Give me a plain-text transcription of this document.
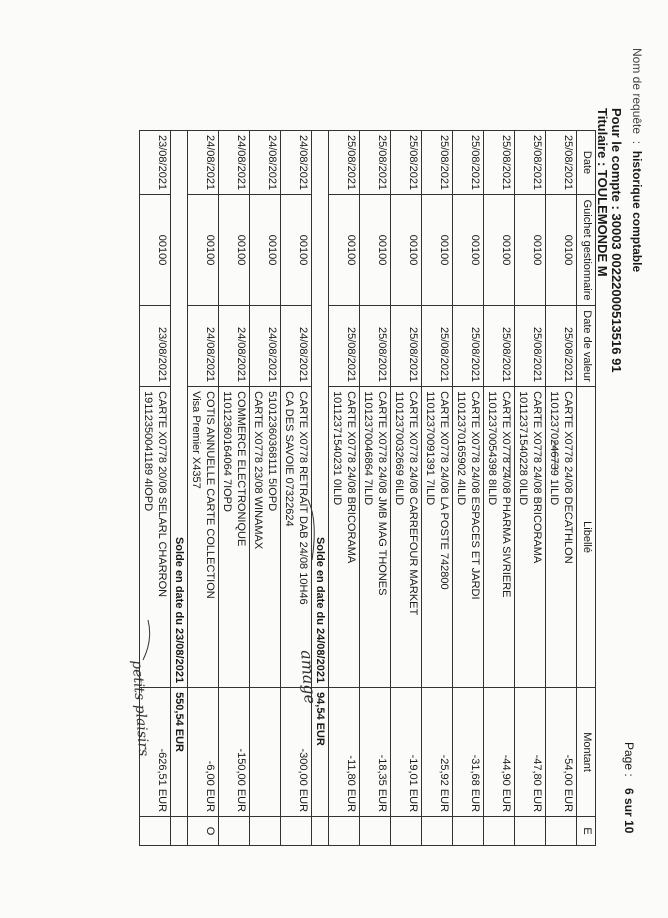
Nom de requête  :  historique comptable
Pour le compte : 30003 00222000513516 91
Titulaire : TOULEMONDE M
Page : 6 sur 10
Date	Guichet gestionnaire	Date de valeur	Libellé	Montant	E
25/08/2021	00100	25/08/2021	CARTE X0778 24/08 DECATHLON
11012370246739 1ILID	-54,00 EUR	
25/08/2021	00100	25/08/2021	CARTE X0778 24/08 BRICORAMA
10112371540228 0ILID	-47,80 EUR	
25/08/2021	00100	25/08/2021	CARTE X0778 24/08 PHARMA SIVRIERE
11012370054398 8ILID	-44,90 EUR	
25/08/2021	00100	25/08/2021	CARTE X0778 24/08 ESPACES ET JARDI
11012370165902 4ILID	-31,68 EUR	
25/08/2021	00100	25/08/2021	CARTE X0778 24/08 LA POSTE 742800
11012370091391 7ILID	-25,92 EUR	
25/08/2021	00100	25/08/2021	CARTE X0778 24/08 CARREFOUR MARKET
11012370032669 6ILID	-19,01 EUR	
25/08/2021	00100	25/08/2021	CARTE X0778 24/08 JMB MAG THONES
11012370046864 7ILID	-18,35 EUR	
25/08/2021	00100	25/08/2021	CARTE X0778 24/08 BRICORAMA
10112371540231 0ILID	-11,80 EUR	
Solde en date du 24/08/2021				94,54 EUR	
24/08/2021	00100	24/08/2021	CARTE X0778 RETRAIT DAB 24/08 10H46
CA DES SAVOIE 07322624	-300,00 EUR	
24/08/2021	00100	24/08/2021	51012360368111 5IOPD
CARTE X0778 23/08 WINAMAX		

24/08/2021	00100	24/08/2021	COMMERCE ELECTRONIQUE
11012360164064 7IOPD	-150,00 EUR	
24/08/2021	00100	24/08/2021	COTIS ANNUELLE CARTE COLLECTION
Visa Premier X4357	-6,00 EUR	O
Solde en date du 23/08/2021				550,54 EUR	
23/08/2021	00100	23/08/2021	CARTE X0778 20/08 SELARL CHARRON
19112350041189 4IOPD	-626,51 EUR	
amage
petits plaisirs
